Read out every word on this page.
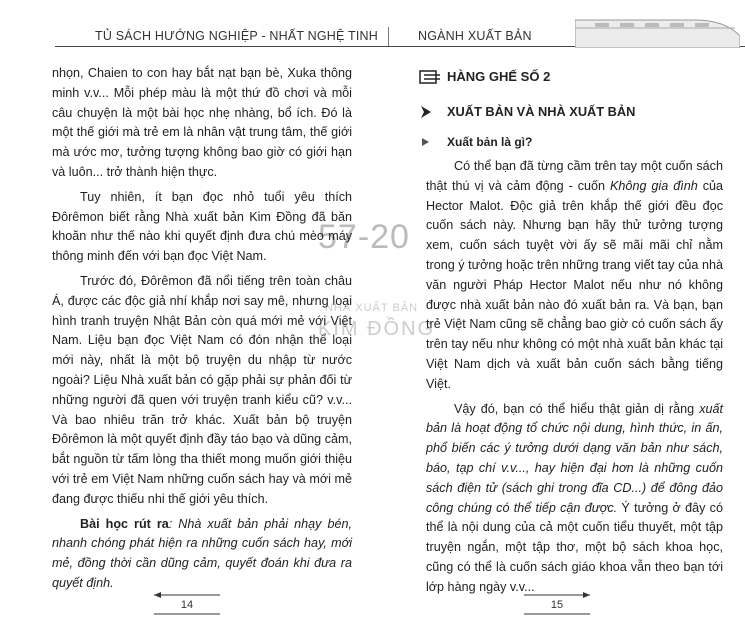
TỦ SÁCH HƯỚNG NGHIỆP - NHẤT NGHỆ TINH	NGÀNH XUẤT BẢN
57-20
NHÀ XUẤT BẢN
KIM ĐỒNG

nhọn, Chaien to con hay bắt nạt bạn bè, Xuka thông minh v.v... Mỗi phép màu là một thứ đồ chơi và mỗi câu chuyện là một bài học nhẹ nhàng, bổ ích. Đó là một thế giới mà trẻ em là nhân vật trung tâm, thế giới mà ước mơ, tưởng tượng không bao giờ có giới hạn và luôn... trở thành hiện thực.

Tuy nhiên, ít bạn đọc nhỏ tuổi yêu thích Đôrêmon biết rằng Nhà xuất bản Kim Đồng đã băn khoăn như thế nào khi quyết định đưa chú mèo máy thông minh đến với bạn đọc Việt Nam.

Trước đó, Đôrêmon đã nổi tiếng trên toàn châu Á, được các độc giả nhí khắp nơi say mê, nhưng loại hình tranh truyện Nhật Bản còn quá mới mẻ với Việt Nam. Liệu bạn đọc Việt Nam có đón nhận thể loại mới này, nhất là một bộ truyện du nhập từ nước ngoài? Liệu Nhà xuất bản có gặp phải sự phản đối từ những người đã quen với truyện tranh kiểu cũ? v.v... Và bao nhiêu trăn trở khác. Xuất bản bộ truyện Đôrêmon là một quyết định đầy táo bạo và dũng cảm, bắt nguồn từ tấm lòng tha thiết mong muốn giới thiệu với trẻ em Việt Nam những cuốn sách hay và mới mẻ đang được thiếu nhi thế giới yêu thích.

Bài học rút ra: Nhà xuất bản phải nhạy bén, nhanh chóng phát hiện ra những cuốn sách hay, mới mẻ, đồng thời cần dũng cảm, quyết đoán khi đưa ra quyết định.

HÀNG GHẾ SỐ 2
XUẤT BẢN VÀ NHÀ XUẤT BẢN
Xuất bản là gì?

Có thể bạn đã từng cầm trên tay một cuốn sách thật thú vị và cảm động - cuốn Không gia đình của Hector Malot. Độc giả trên khắp thế giới đều đọc cuốn sách này. Nhưng bạn hãy thử tưởng tượng xem, cuốn sách tuyệt vời ấy sẽ mãi mãi chỉ nằm trong ý tưởng hoặc trên những trang viết tay của nhà văn người Pháp Hector Malot nếu như nó không được nhà xuất bản nào đó xuất bản ra. Và bạn, bạn trẻ Việt Nam cũng sẽ chẳng bao giờ có cuốn sách ấy trên tay nếu như không có một nhà xuất bản khác tại Việt Nam dịch và xuất bản cuốn sách bằng tiếng Việt.

Vậy đó, bạn có thể hiểu thật giản dị rằng xuất bản là hoạt động tổ chức nội dung, hình thức, in ấn, phổ biến các ý tưởng dưới dạng văn bản như sách, báo, tạp chí v.v..., hay hiện đại hơn là những cuốn sách điện tử (sách ghi trong đĩa CD...) để đông đảo công chúng có thể tiếp cận được. Ý tưởng ở đây có thể là nội dung của cả một cuốn tiểu thuyết, một tập truyện ngắn, một tập thơ, một bộ sách khoa học, cũng có thể là cuốn sách giáo khoa vẫn theo bạn tới lớp hàng ngày v.v...

14	15
